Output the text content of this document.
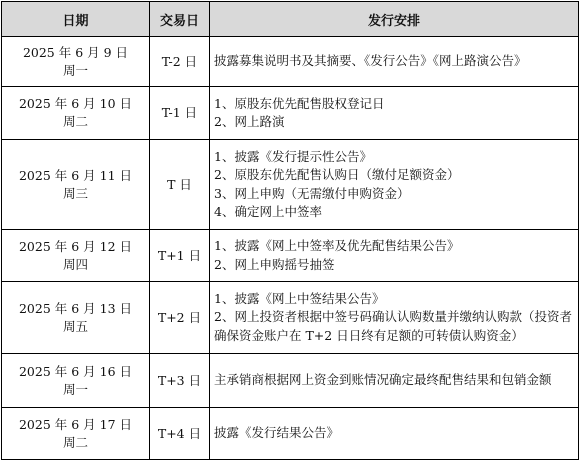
日期	交易日	发行安排

2025 年 6 月 9 日
周一	T-2 日	披露募集说明书及其摘要、《发行公告》《网上路演公告》

2025 年 6 月 10 日
周二	T-1 日	1、原股东优先配售股权登记日
2、网上路演

2025 年 6 月 11 日
周三	T 日	1、披露《发行提示性公告》
2、原股东优先配售认购日（缴付足额资金）
3、网上申购（无需缴付申购资金）
4、确定网上中签率

2025 年 6 月 12 日
周四	T+1 日	1、披露《网上中签率及优先配售结果公告》
2、网上申购摇号抽签

2025 年 6 月 13 日
周五	T+2 日	1、披露《网上中签结果公告》
2、网上投资者根据中签号码确认认购数量并缴纳认购款（投资者确保资金账户在 T+2 日日终有足额的可转债认购资金）

2025 年 6 月 16 日
周一	T+3 日	主承销商根据网上资金到账情况确定最终配售结果和包销金额

2025 年 6 月 17 日
周二	T+4 日	披露《发行结果公告》
